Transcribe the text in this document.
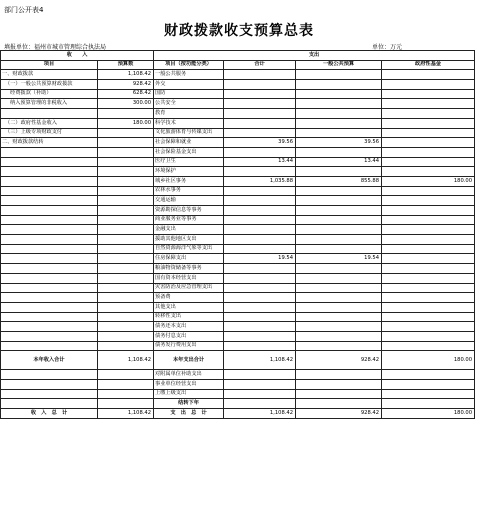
部门公开表4
财政拨款收支预算总表
填报单位：福州市城市管理综合执法局	单位：万元
收　　入		支出			
项目	预算数	项目（按功能分类）	合计	一般公共预算	政府性基金
一、财政拨款	1,108.42	一般公共服务			
（一）一般公共预算财政拨款	928.42	外交			
经费拨款（补助）	628.42	国防			
纳入预算管理的非税收入	300.00	公共安全			
		教育			
（二）政府性基金收入	180.00	科学技术			
（三）上级专项财政支付		文化旅游体育与传媒支出			
二、财政拨款结转		社会保障和就业	39.56	39.56	
		社会保险基金支出			
		医疗卫生	13.44	13.44	
		环境保护			
		城乡社区事务	1,035.88	855.88	180.00
		农林水事务			
		交通运输			
		资源勘探信息等事务			
		商业服务业等事务			
		金融支出			
		援助其他地区支出			
		自然资源海洋气象等支出			
		住房保障支出	19.54	19.54	
		粮油物资储备等事务			
		国有资本经营支出			
		灾害防治及应急管理支出			
		预备费			
		其他支出			
		转移性支出			
		债务还本支出			
		债务付息支出			
		债务发行费用支出			
本年收入合计	1,108.42	本年支出合计	1,108.42	928.42	180.00
		对附属单位补助支出			
		事业单位经营支出			
		上缴上级支出			
		结转下年			
收　入　总　计	1,108.42	支　出　总　计	1,108.42	928.42	180.00
